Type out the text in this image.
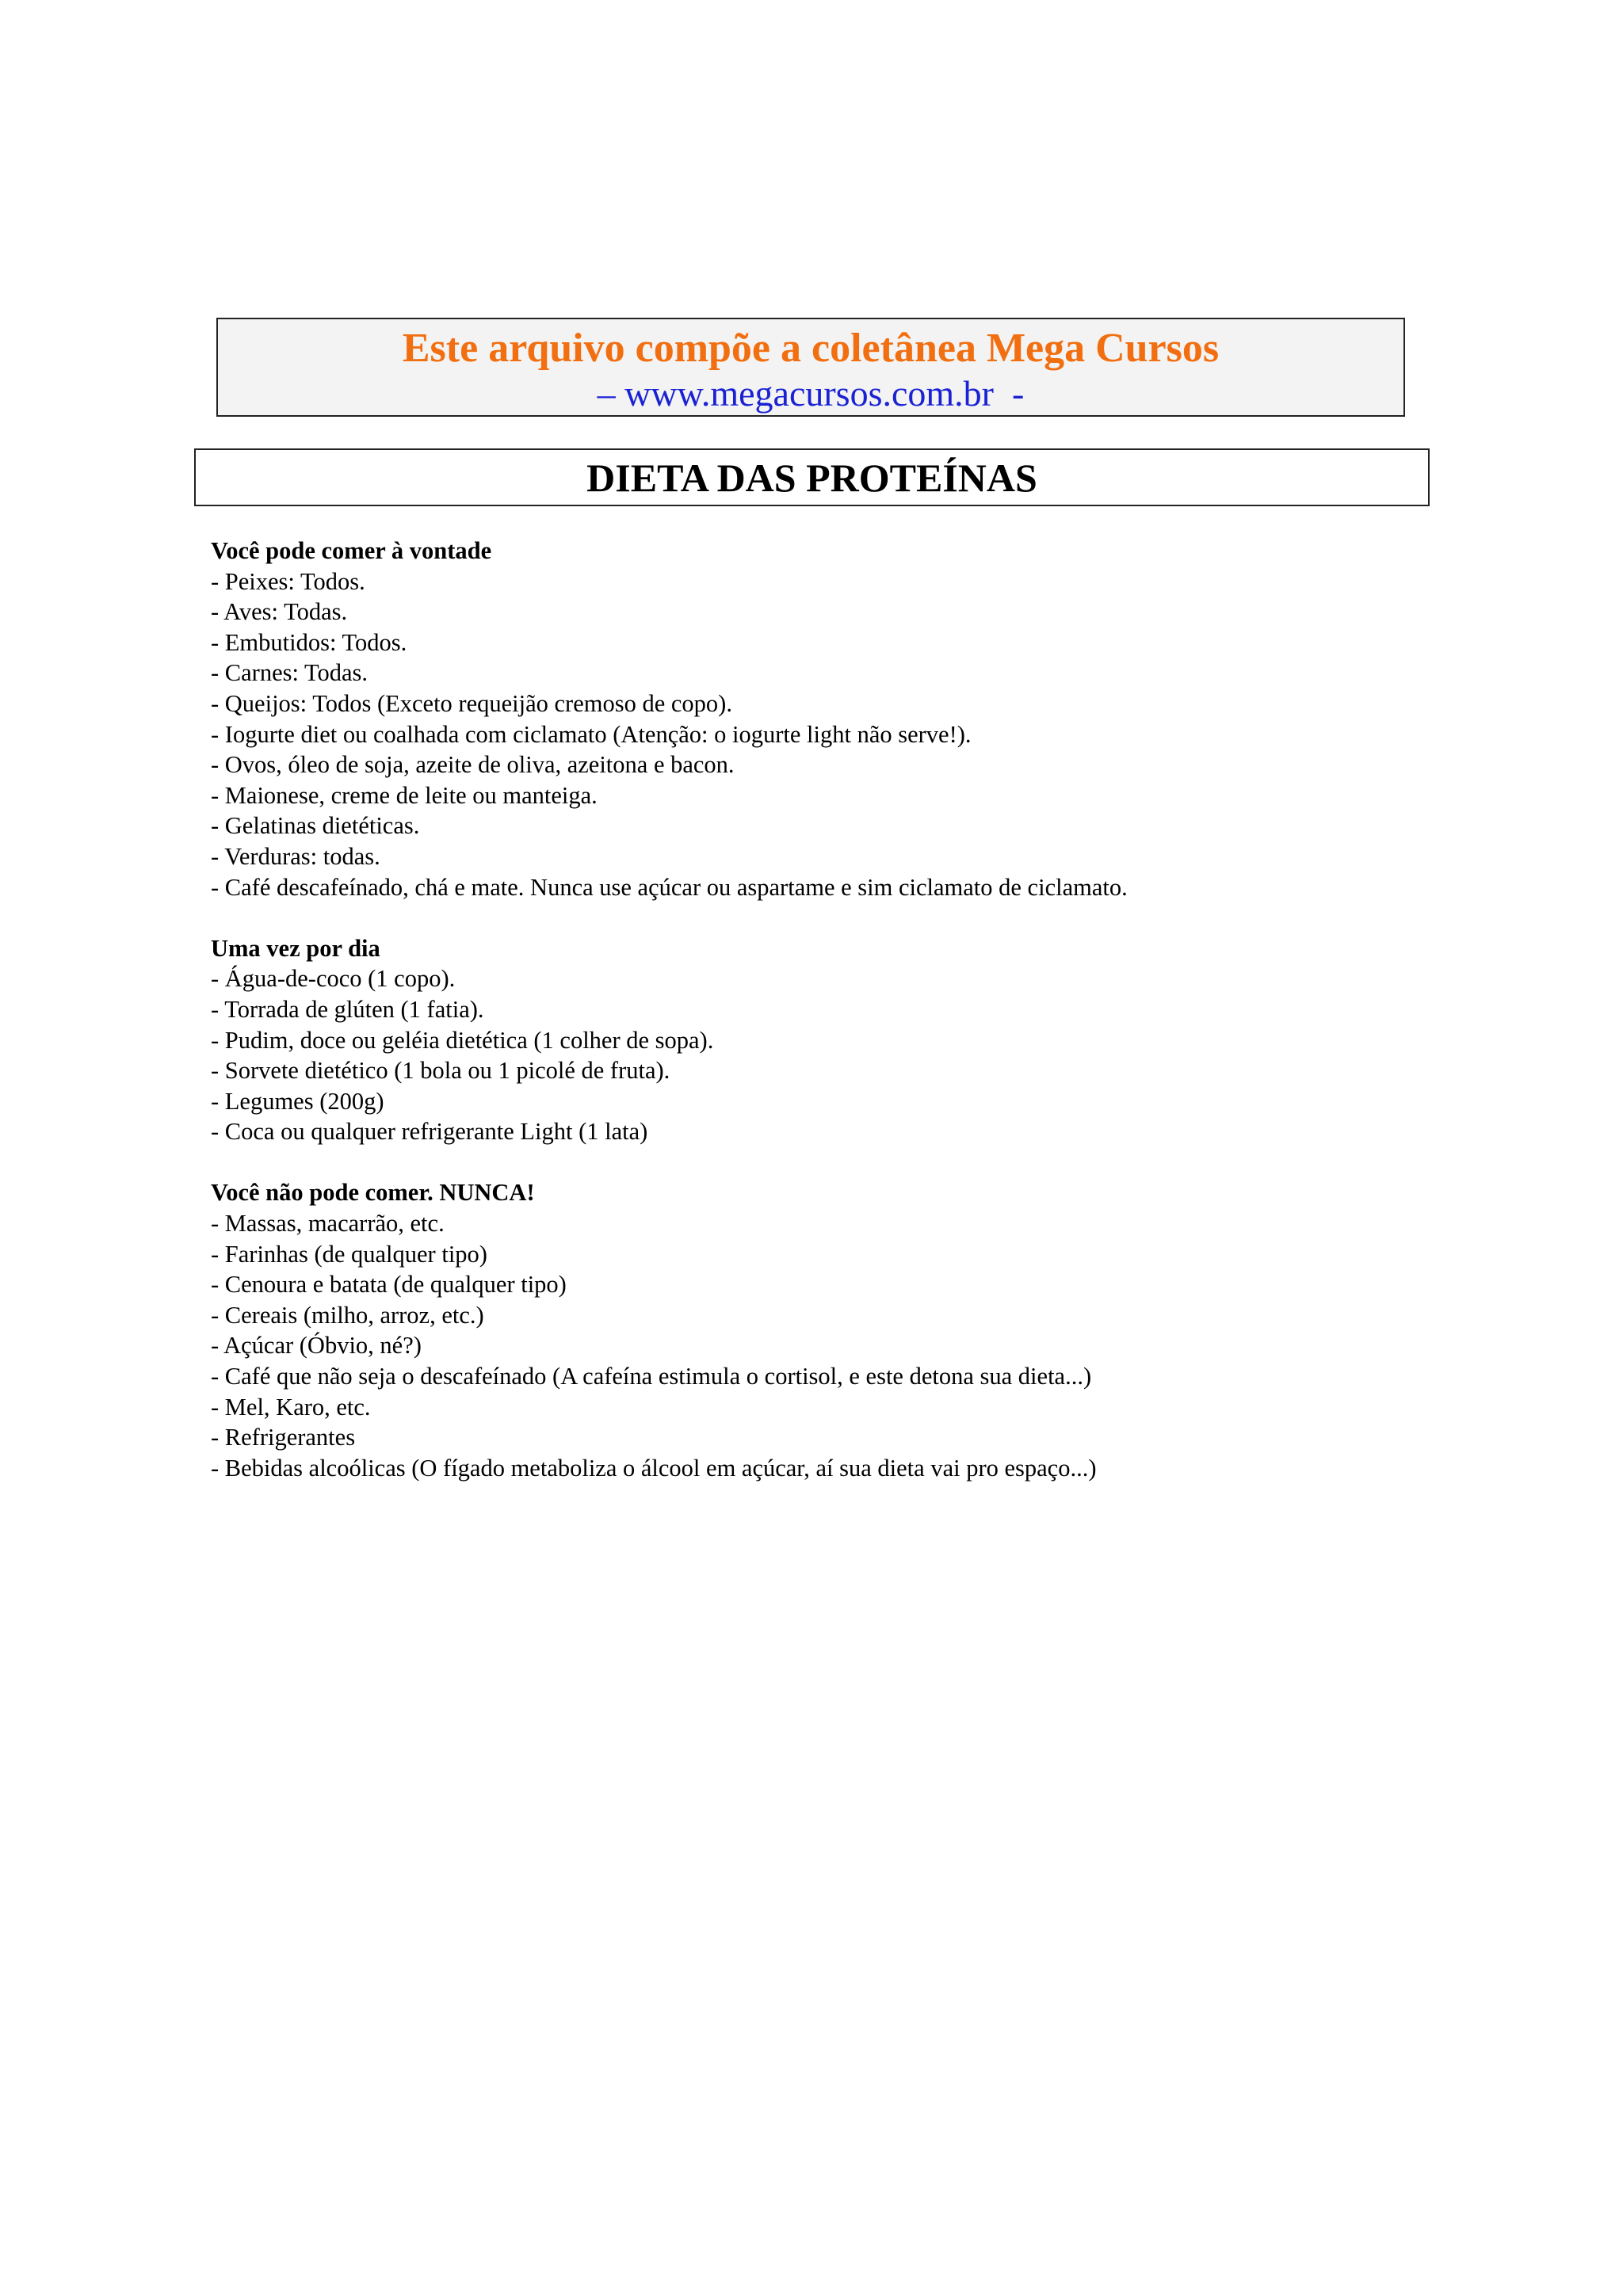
Este arquivo compõe a coletânea Mega Cursos
– www.megacursos.com.br  -
DIETA DAS PROTEÍNAS
Você pode comer à vontade
- Peixes: Todos.
- Aves: Todas.
- Embutidos: Todos.
- Carnes: Todas.
- Queijos: Todos (Exceto requeijão cremoso de copo).
- Iogurte diet ou coalhada com ciclamato (Atenção: o iogurte light não serve!).
- Ovos, óleo de soja, azeite de oliva, azeitona e bacon.
- Maionese, creme de leite ou manteiga.
- Gelatinas dietéticas.
- Verduras: todas.
- Café descafeínado, chá e mate. Nunca use açúcar ou aspartame e sim ciclamato de ciclamato.
Uma vez por dia
- Água-de-coco (1 copo).
- Torrada de glúten (1 fatia).
- Pudim, doce ou geléia dietética (1 colher de sopa).
- Sorvete dietético (1 bola ou 1 picolé de fruta).
- Legumes (200g)
- Coca ou qualquer refrigerante Light (1 lata)
Você não pode comer. NUNCA!
- Massas, macarrão, etc.
- Farinhas (de qualquer tipo)
- Cenoura e batata (de qualquer tipo)
- Cereais (milho, arroz, etc.)
- Açúcar (Óbvio, né?)
- Café que não seja o descafeínado (A cafeína estimula o cortisol, e este detona sua dieta...)
- Mel, Karo, etc.
- Refrigerantes
- Bebidas alcoólicas (O fígado metaboliza o álcool em açúcar, aí sua dieta vai pro espaço...)
